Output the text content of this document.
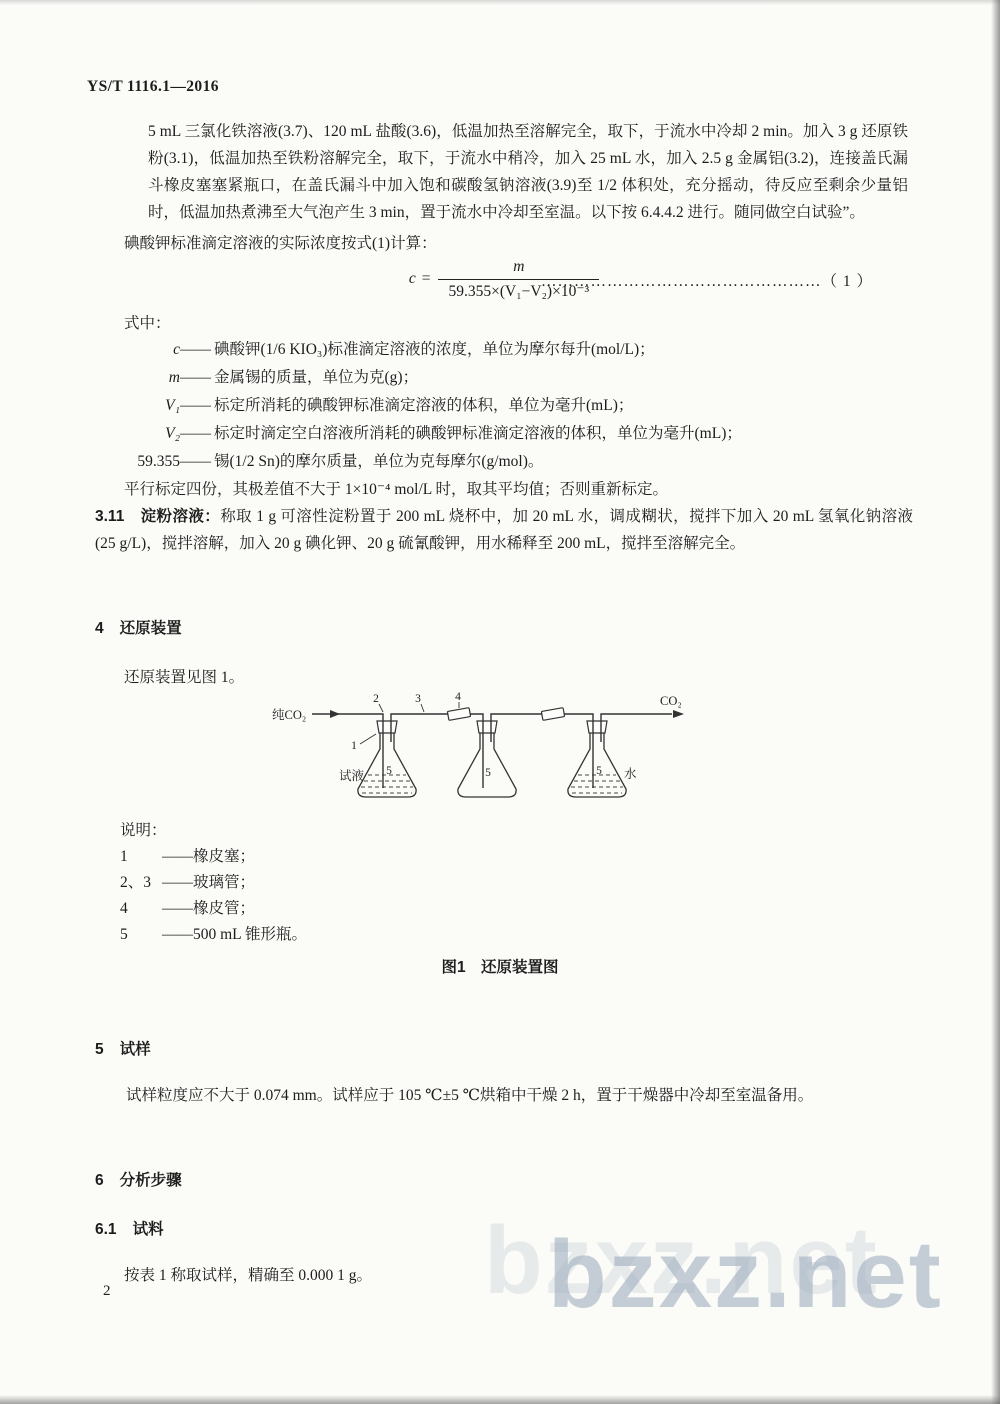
YS/T 1116.1—2016

5 mL 三氯化铁溶液(3.7)、120 mL 盐酸(3.6)，低温加热至溶解完全，取下，于流水中冷却 2 min。加入 3 g 还原铁粉(3.1)，低温加热至铁粉溶解完全，取下，于流水中稍冷，加入 25 mL 水，加入 2.5 g 金属铝(3.2)，连接盖氏漏斗橡皮塞塞紧瓶口，在盖氏漏斗中加入饱和碳酸氢钠溶液(3.9)至 1/2 体积处，充分摇动，待反应至剩余少量铝时，低温加热煮沸至大气泡产生 3 min，置于流水中冷却至室温。以下按 6.4.4.2 进行。随同做空白试验”。

碘酸钾标准滴定溶液的实际浓度按式(1)计算：

$c = \frac{m}{\text{59.355×(V₁−V₂)×10⁻³}}$
……………………………………………（ 1 ）

式中：

c—— 碘酸钾(1/6 KIO₃)标准滴定溶液的浓度，单位为摩尔每升(mol/L)；
m—— 金属锡的质量，单位为克(g)；
V₁—— 标定所消耗的碘酸钾标准滴定溶液的体积，单位为毫升(mL)；
V₂—— 标定时滴定空白溶液所消耗的碘酸钾标准滴定溶液的体积，单位为毫升(mL)；
59.355—— 锡(1/2 Sn)的摩尔质量，单位为克每摩尔(g/mol)。

平行标定四份，其极差值不大于 1×10⁻⁴ mol/L 时，取其平均值；否则重新标定。

3.11　淀粉溶液：称取 1 g 可溶性淀粉置于 200 mL 烧杯中，加 20 mL 水，调成糊状，搅拌下加入 20 mL 氢氧化钠溶液(25 g/L)，搅拌溶解，加入 20 g 碘化钾、20 g 硫氰酸钾，用水稀释至 200 mL，搅拌至溶解完全。

4 还原装置

还原装置见图 1。

纯CO₂
CO₂
2	3	4
1
5	5	5
试液	水
说明：
1	——橡皮塞；
2、3 ——玻璃管；
4	——橡皮管；
5	——500 mL 锥形瓶。
图1　还原装置图
5 试样

试样粒度应不大于 0.074 mm。试样应于 105 ℃±5 ℃烘箱中干燥 2 h，置于干燥器中冷却至室温备用。

6 分析步骤
6.1 试料

按表 1 称取试样，精确至 0.000 1 g。

2	bzxz.net
